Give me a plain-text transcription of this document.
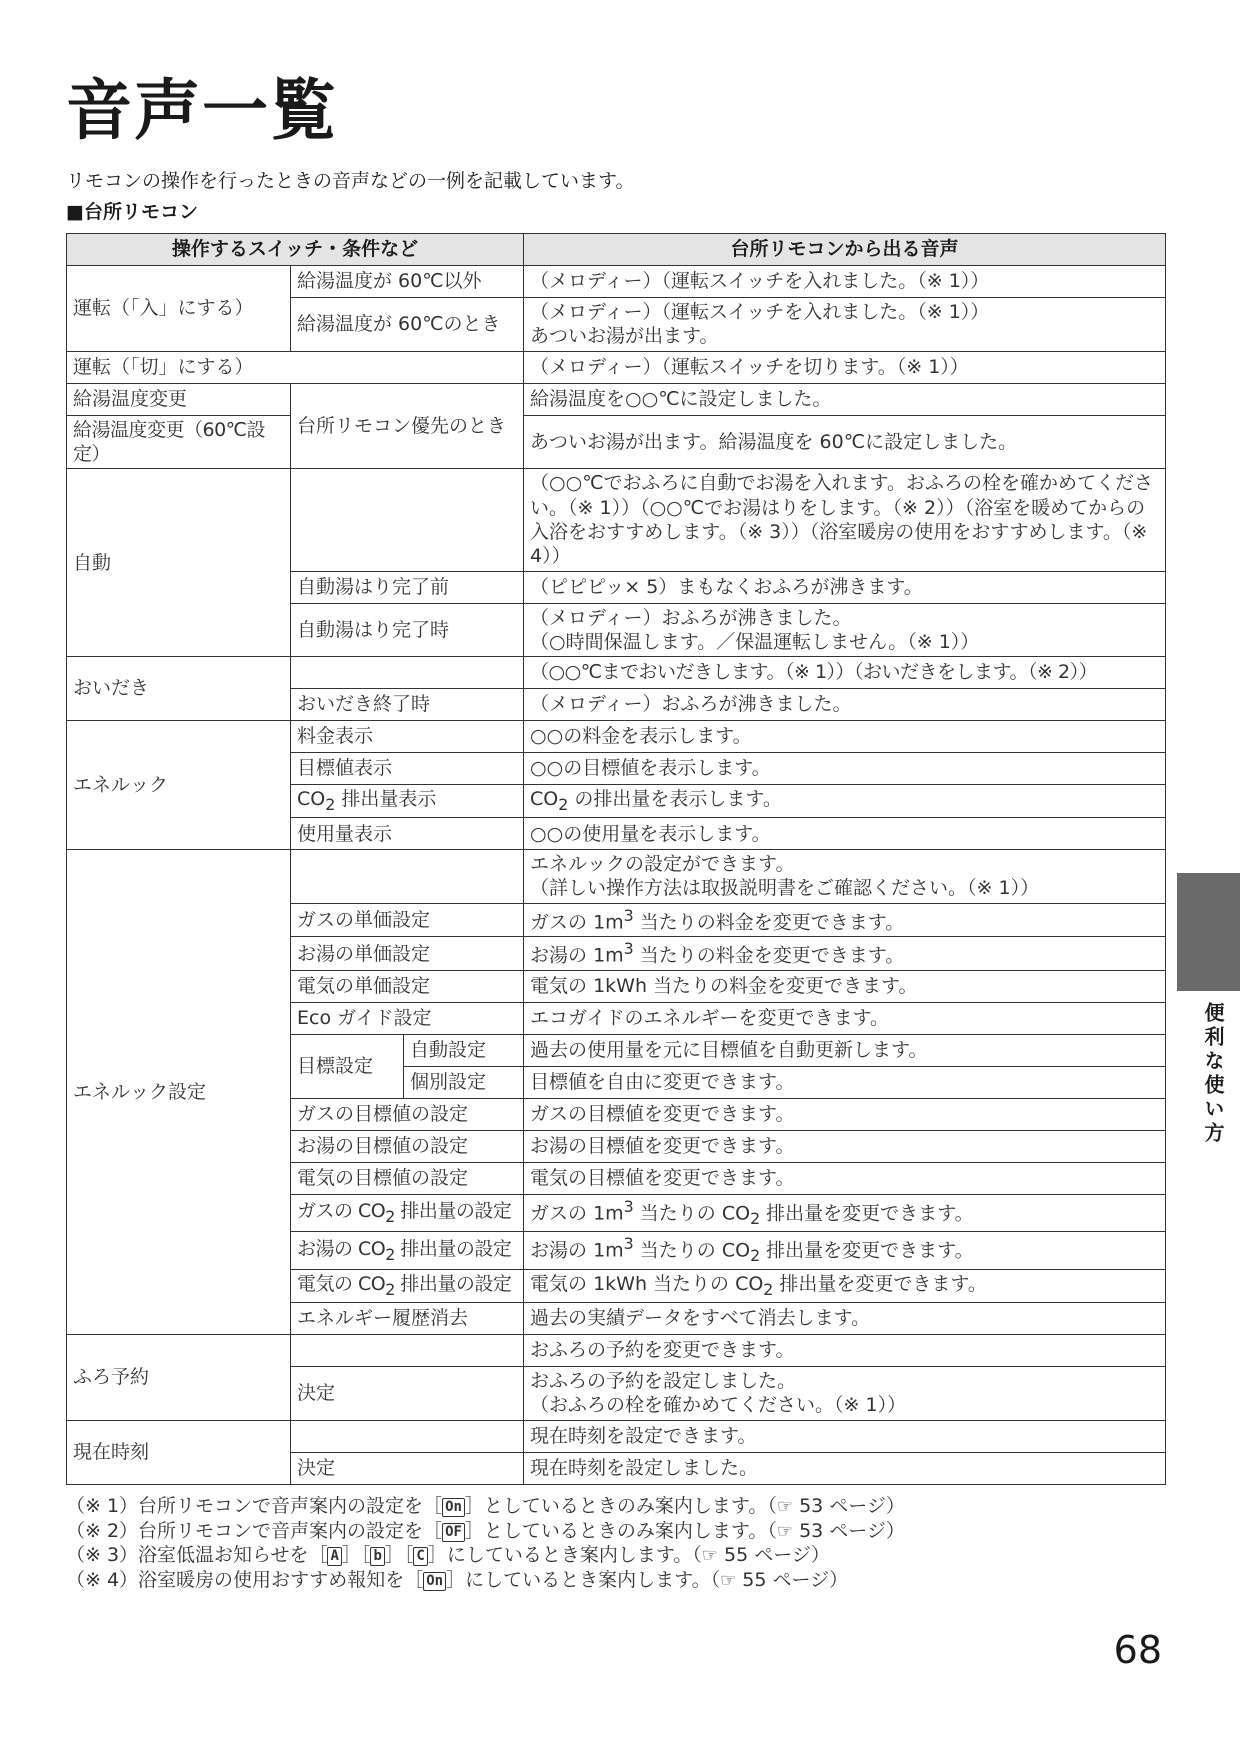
音声一覧
リモコンの操作を行ったときの音声などの一例を記載しています。
■台所リモコン
操作するスイッチ・条件など			台所リモコンから出る音声
運転（「入」にする）	給湯温度が 60℃以外		（メロディー）（運転スイッチを入れました。（※ 1））
	給湯温度が 60℃のとき		（メロディー）（運転スイッチを入れました。（※ 1））
あついお湯が出ます。

運転（「切」にする）			（メロディー）（運転スイッチを切ります。（※ 1））
給湯温度変更	台所リモコン優先のとき		給湯温度を○○℃に設定しました。
給湯温度変更（60℃設定）			あついお湯が出ます。給湯温度を 60℃に設定しました。
自動			（○○℃でおふろに自動でお湯を入れます。おふろの栓を確かめてください。（※ 1））（○○℃でお湯はりをします。（※ 2））（浴室を暖めてからの入浴をおすすめします。（※ 3））（浴室暖房の使用をおすすめします。（※ 4））
	自動湯はり完了前		（ピピピッ× 5）まもなくおふろが沸きます。
	自動湯はり完了時		（メロディー）おふろが沸きました。
（○時間保温します。／保温運転しません。（※ 1））

おいだき			（○○℃までおいだきします。（※ 1））（おいだきをします。（※ 2））
	おいだき終了時		（メロディー）おふろが沸きました。
エネルック	料金表示		○○の料金を表示します。
	目標値表示		○○の目標値を表示します。
	$CO_2$ 排出量表示		$CO_2$ の排出量を表示します。
	使用量表示		○○の使用量を表示します。
エネルック設定			エネルックの設定ができます。
（詳しい操作方法は取扱説明書をご確認ください。（※ 1））

	ガスの単価設定		ガスの $1m^3$ 当たりの料金を変更できます。
	お湯の単価設定		お湯の $1m^3$ 当たりの料金を変更できます。
	電気の単価設定		電気の 1kWh 当たりの料金を変更できます。
	Eco ガイド設定		エコガイドのエネルギーを変更できます。
	目標設定	自動設定	過去の使用量を元に目標値を自動更新します。
		個別設定	目標値を自由に変更できます。
	ガスの目標値の設定		ガスの目標値を変更できます。
	お湯の目標値の設定		お湯の目標値を変更できます。
	電気の目標値の設定		電気の目標値を変更できます。
	ガスの $CO_2$ 排出量の設定		ガスの $1m^3$ 当たりの $CO_2$ 排出量を変更できます。
	お湯の $CO_2$ 排出量の設定		お湯の $1m^3$ 当たりの $CO_2$ 排出量を変更できます。
	電気の $CO_2$ 排出量の設定		電気の 1kWh 当たりの $CO_2$ 排出量を変更できます。
	エネルギー履歴消去		過去の実績データをすべて消去します。
ふろ予約			おふろの予約を変更できます。
	決定		おふろの予約を設定しました。
（おふろの栓を確かめてください。（※ 1））

現在時刻			現在時刻を設定できます。
	決定		現在時刻を設定しました。

（※ 1）台所リモコンで音声案内の設定を［ On ］としているときのみ案内します。（☞ 53 ページ）

（※ 2）台所リモコンで音声案内の設定を［ OF ］としているときのみ案内します。（☞ 53 ページ）

（※ 3）浴室低温お知らせを［ A ］［ b ］［ C ］にしているとき案内します。（☞ 55 ページ）

（※ 4）浴室暖房の使用おすすめ報知を［ On ］にしているとき案内します。（☞ 55 ページ）

便利な使い方
68
